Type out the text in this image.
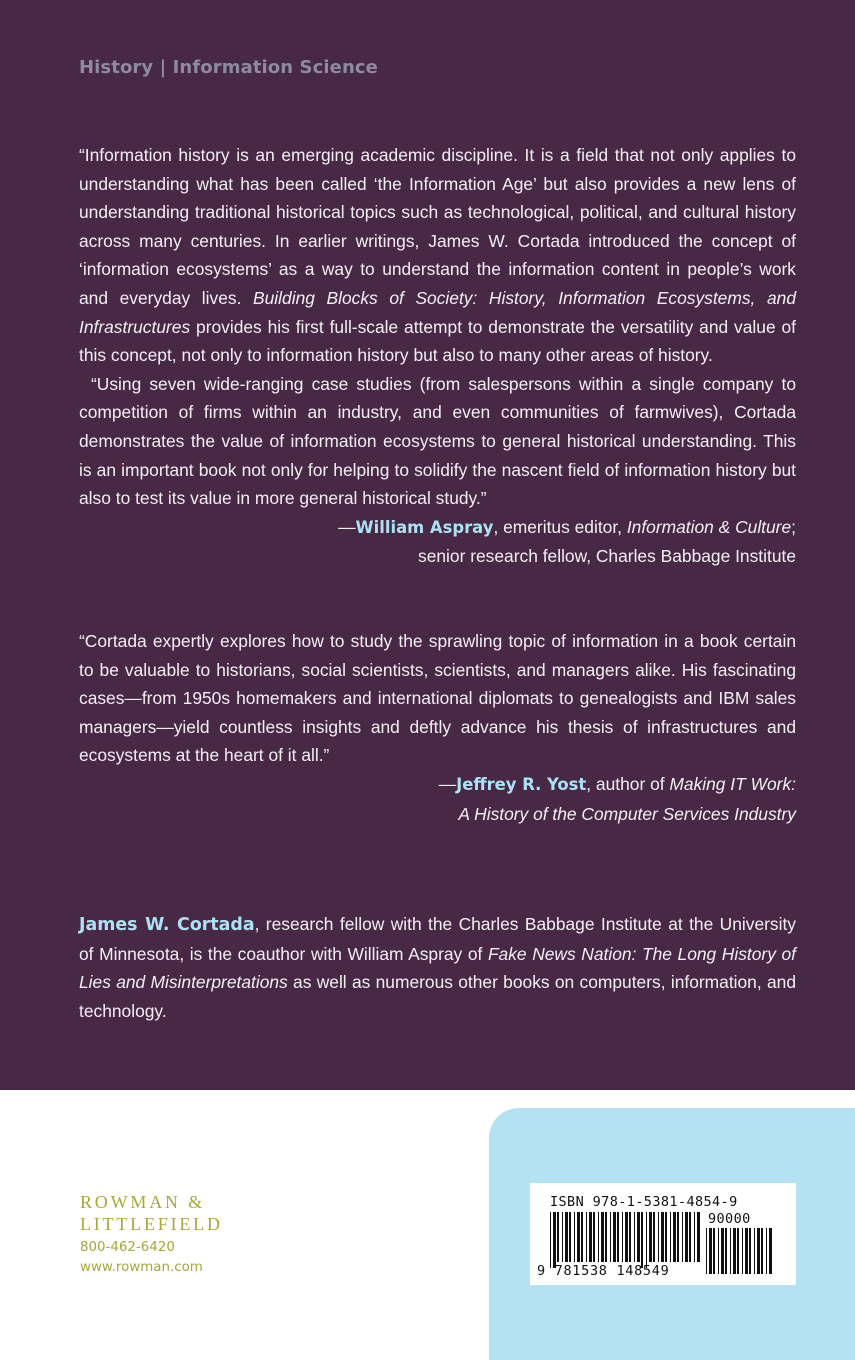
History | Information Science

“Information history is an emerging academic discipline. It is a field that not only applies to understanding what has been called ‘the Information Age’ but also provides a new lens of understanding traditional historical topics such as technological, political, and cultural history across many centuries. In earlier writings, James W. Cortada introduced the concept of ‘information ecosystems’ as a way to understand the information content in people’s work and everyday lives. Building Blocks of Society: History, Information Ecosystems, and Infrastructures provides his first full-scale attempt to demonstrate the versatility and value of this concept, not only to information history but also to many other areas of history.

“Using seven wide-ranging case studies (from salespersons within a single company to competition of firms within an industry, and even communities of farmwives), Cortada demonstrates the value of information ecosystems to general historical understanding. This is an important book not only for helping to solidify the nascent field of information history but also to test its value in more general historical study.”

—William Aspray, emeritus editor, Information & Culture;
senior research fellow, Charles Babbage Institute

“Cortada expertly explores how to study the sprawling topic of information in a book certain to be valuable to historians, social scientists, scientists, and managers alike. His fascinating cases—from 1950s homemakers and international diplomats to genealogists and IBM sales managers—yield countless insights and deftly advance his thesis of infrastructures and ecosystems at the heart of it all.”

—Jeffrey R. Yost, author of Making IT Work:
A History of the Computer Services Industry

James W. Cortada, research fellow with the Charles Babbage Institute at the University of Minnesota, is the coauthor with William Aspray of Fake News Nation: The Long History of Lies and Misinterpretations as well as numerous other books on computers, information, and technology.

ROWMAN &
LITTLEFIELD
800-462-6420
www.rowman.com
ISBN 978-1-5381-4854-9
90000
9 781538 148549
